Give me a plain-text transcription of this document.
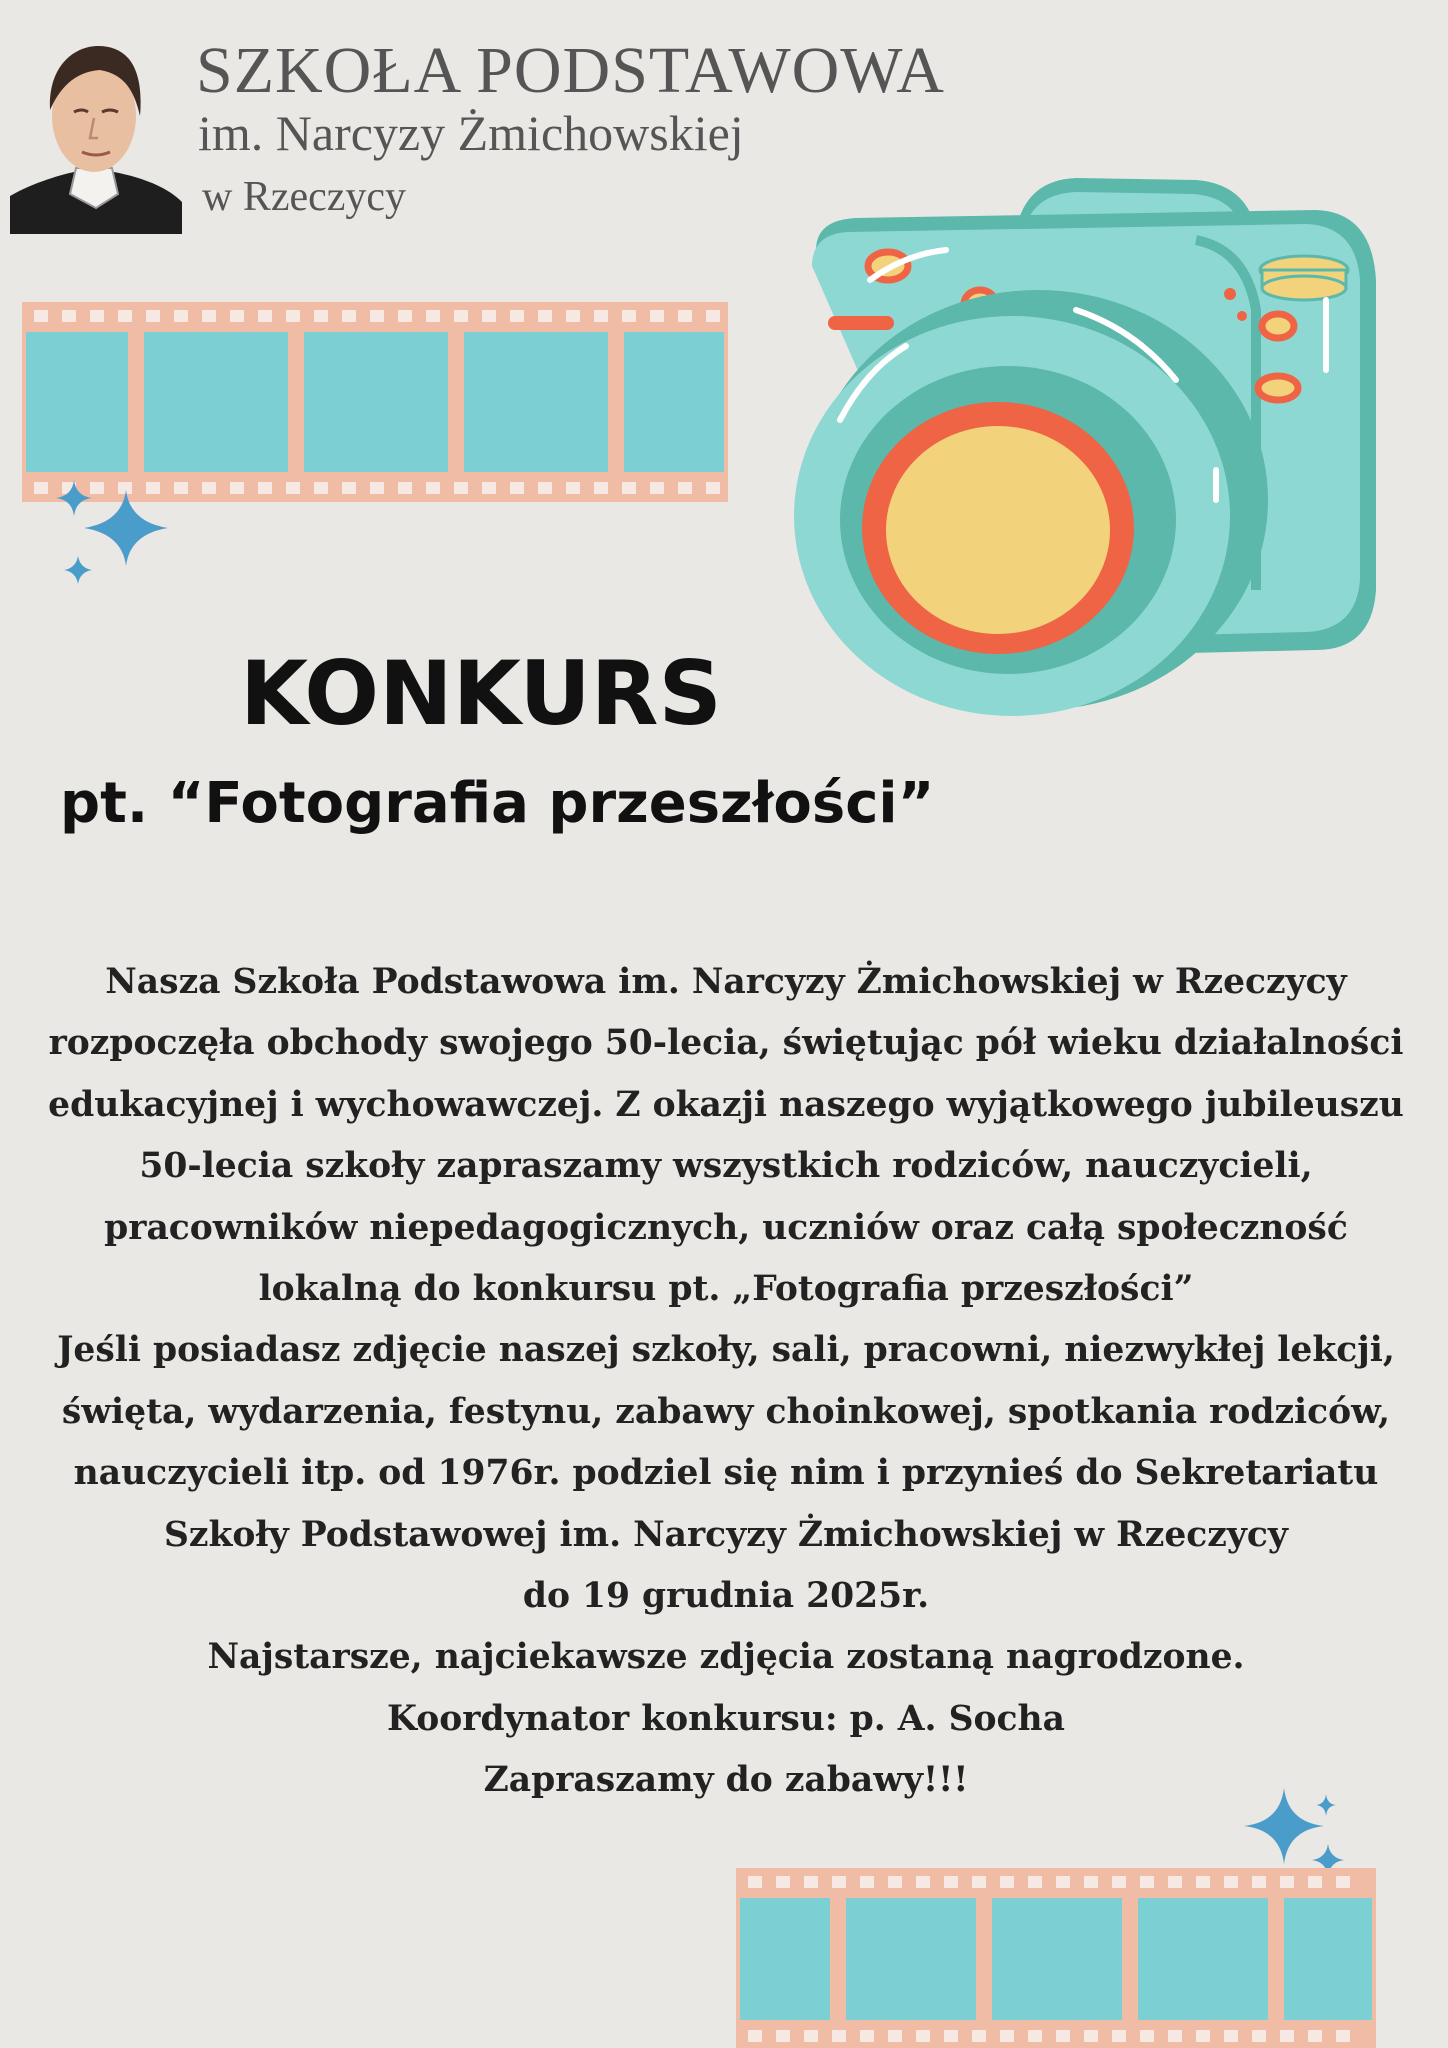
SZKOŁA PODSTAWOWA
im. Narcyzy Żmichowskiej
w Rzeczycy
KONKURS
pt. “Fotografia przeszłości”
Nasza Szkoła Podstawowa im. Narcyzy Żmichowskiej w Rzeczycy
rozpoczęła obchody swojego 50-lecia, świętując pół wieku działalności
edukacyjnej i wychowawczej. Z okazji naszego wyjątkowego jubileuszu
50-lecia szkoły zapraszamy wszystkich rodziców, nauczycieli,
pracowników niepedagogicznych, uczniów oraz całą społeczność
lokalną do konkursu pt. „Fotografia przeszłości”
Jeśli posiadasz zdjęcie naszej szkoły, sali, pracowni, niezwykłej lekcji,
święta, wydarzenia, festynu, zabawy choinkowej, spotkania rodziców,
nauczycieli itp. od 1976r. podziel się nim i przynieś do Sekretariatu
Szkoły Podstawowej im. Narcyzy Żmichowskiej w Rzeczycy
do 19 grudnia 2025r.
Najstarsze, najciekawsze zdjęcia zostaną nagrodzone.
Koordynator konkursu: p. A. Socha
Zapraszamy do zabawy!!!
